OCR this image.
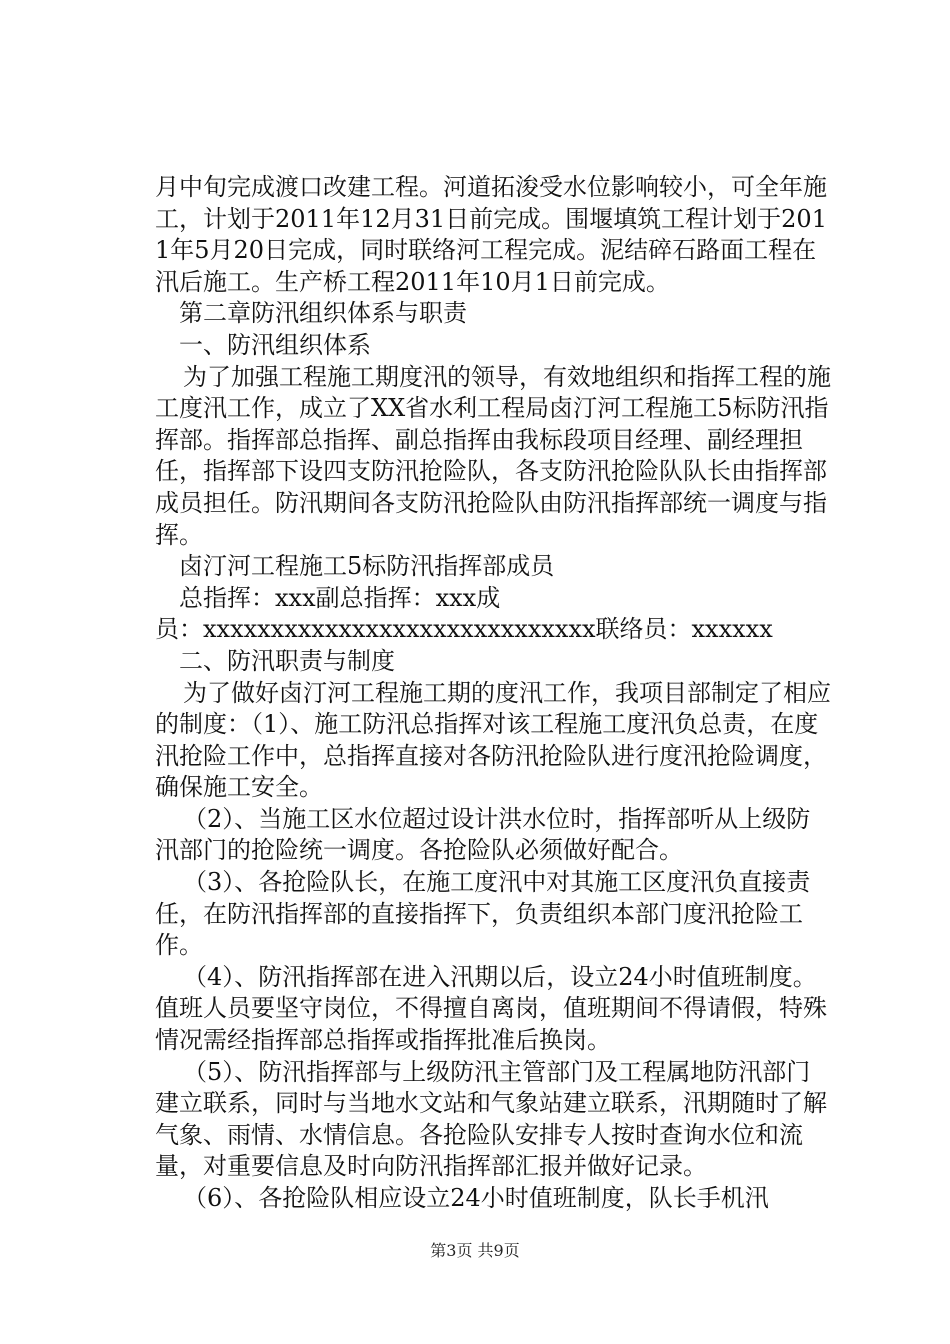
月中旬完成渡口改建工程。河道拓浚受水位影响较小，可全年施工，计划于2011年12月31日前完成。围堰填筑工程计划于2011年5月20日完成，同时联络河工程完成。泥结碎石路面工程在汛后施工。生产桥工程2011年10月1日前完成。

第二章防汛组织体系与职责

一、防汛组织体系

为了加强工程施工期度汛的领导，有效地组织和指挥工程的施工度汛工作，成立了XX省水利工程局卤汀河工程施工5标防汛指挥部。指挥部总指挥、副总指挥由我标段项目经理、副经理担任，指挥部下设四支防汛抢险队，各支防汛抢险队队长由指挥部成员担任。防汛期间各支防汛抢险队由防汛指挥部统一调度与指挥。

卤汀河工程施工5标防汛指挥部成员

总指挥：xxx副总指挥：xxx成

员：xxxxxxxxxxxxxxxxxxxxxxxxxxxxx联络员：xxxxxx

二、防汛职责与制度

为了做好卤汀河工程施工期的度汛工作，我项目部制定了相应的制度：（1）、施工防汛总指挥对该工程施工度汛负总责，在度汛抢险工作中，总指挥直接对各防汛抢险队进行度汛抢险调度，确保施工安全。

（2）、当施工区水位超过设计洪水位时，指挥部听从上级防汛部门的抢险统一调度。各抢险队必须做好配合。

（3）、各抢险队长，在施工度汛中对其施工区度汛负直接责任，在防汛指挥部的直接指挥下，负责组织本部门度汛抢险工作。

（4）、防汛指挥部在进入汛期以后，设立24小时值班制度。值班人员要坚守岗位，不得擅自离岗，值班期间不得请假，特殊情况需经指挥部总指挥或指挥批准后换岗。

（5）、防汛指挥部与上级防汛主管部门及工程属地防汛部门建立联系，同时与当地水文站和气象站建立联系，汛期随时了解气象、雨情、水情信息。各抢险队安排专人按时查询水位和流量，对重要信息及时向防汛指挥部汇报并做好记录。

（6）、各抢险队相应设立24小时值班制度，队长手机汛

第3页 共9页
